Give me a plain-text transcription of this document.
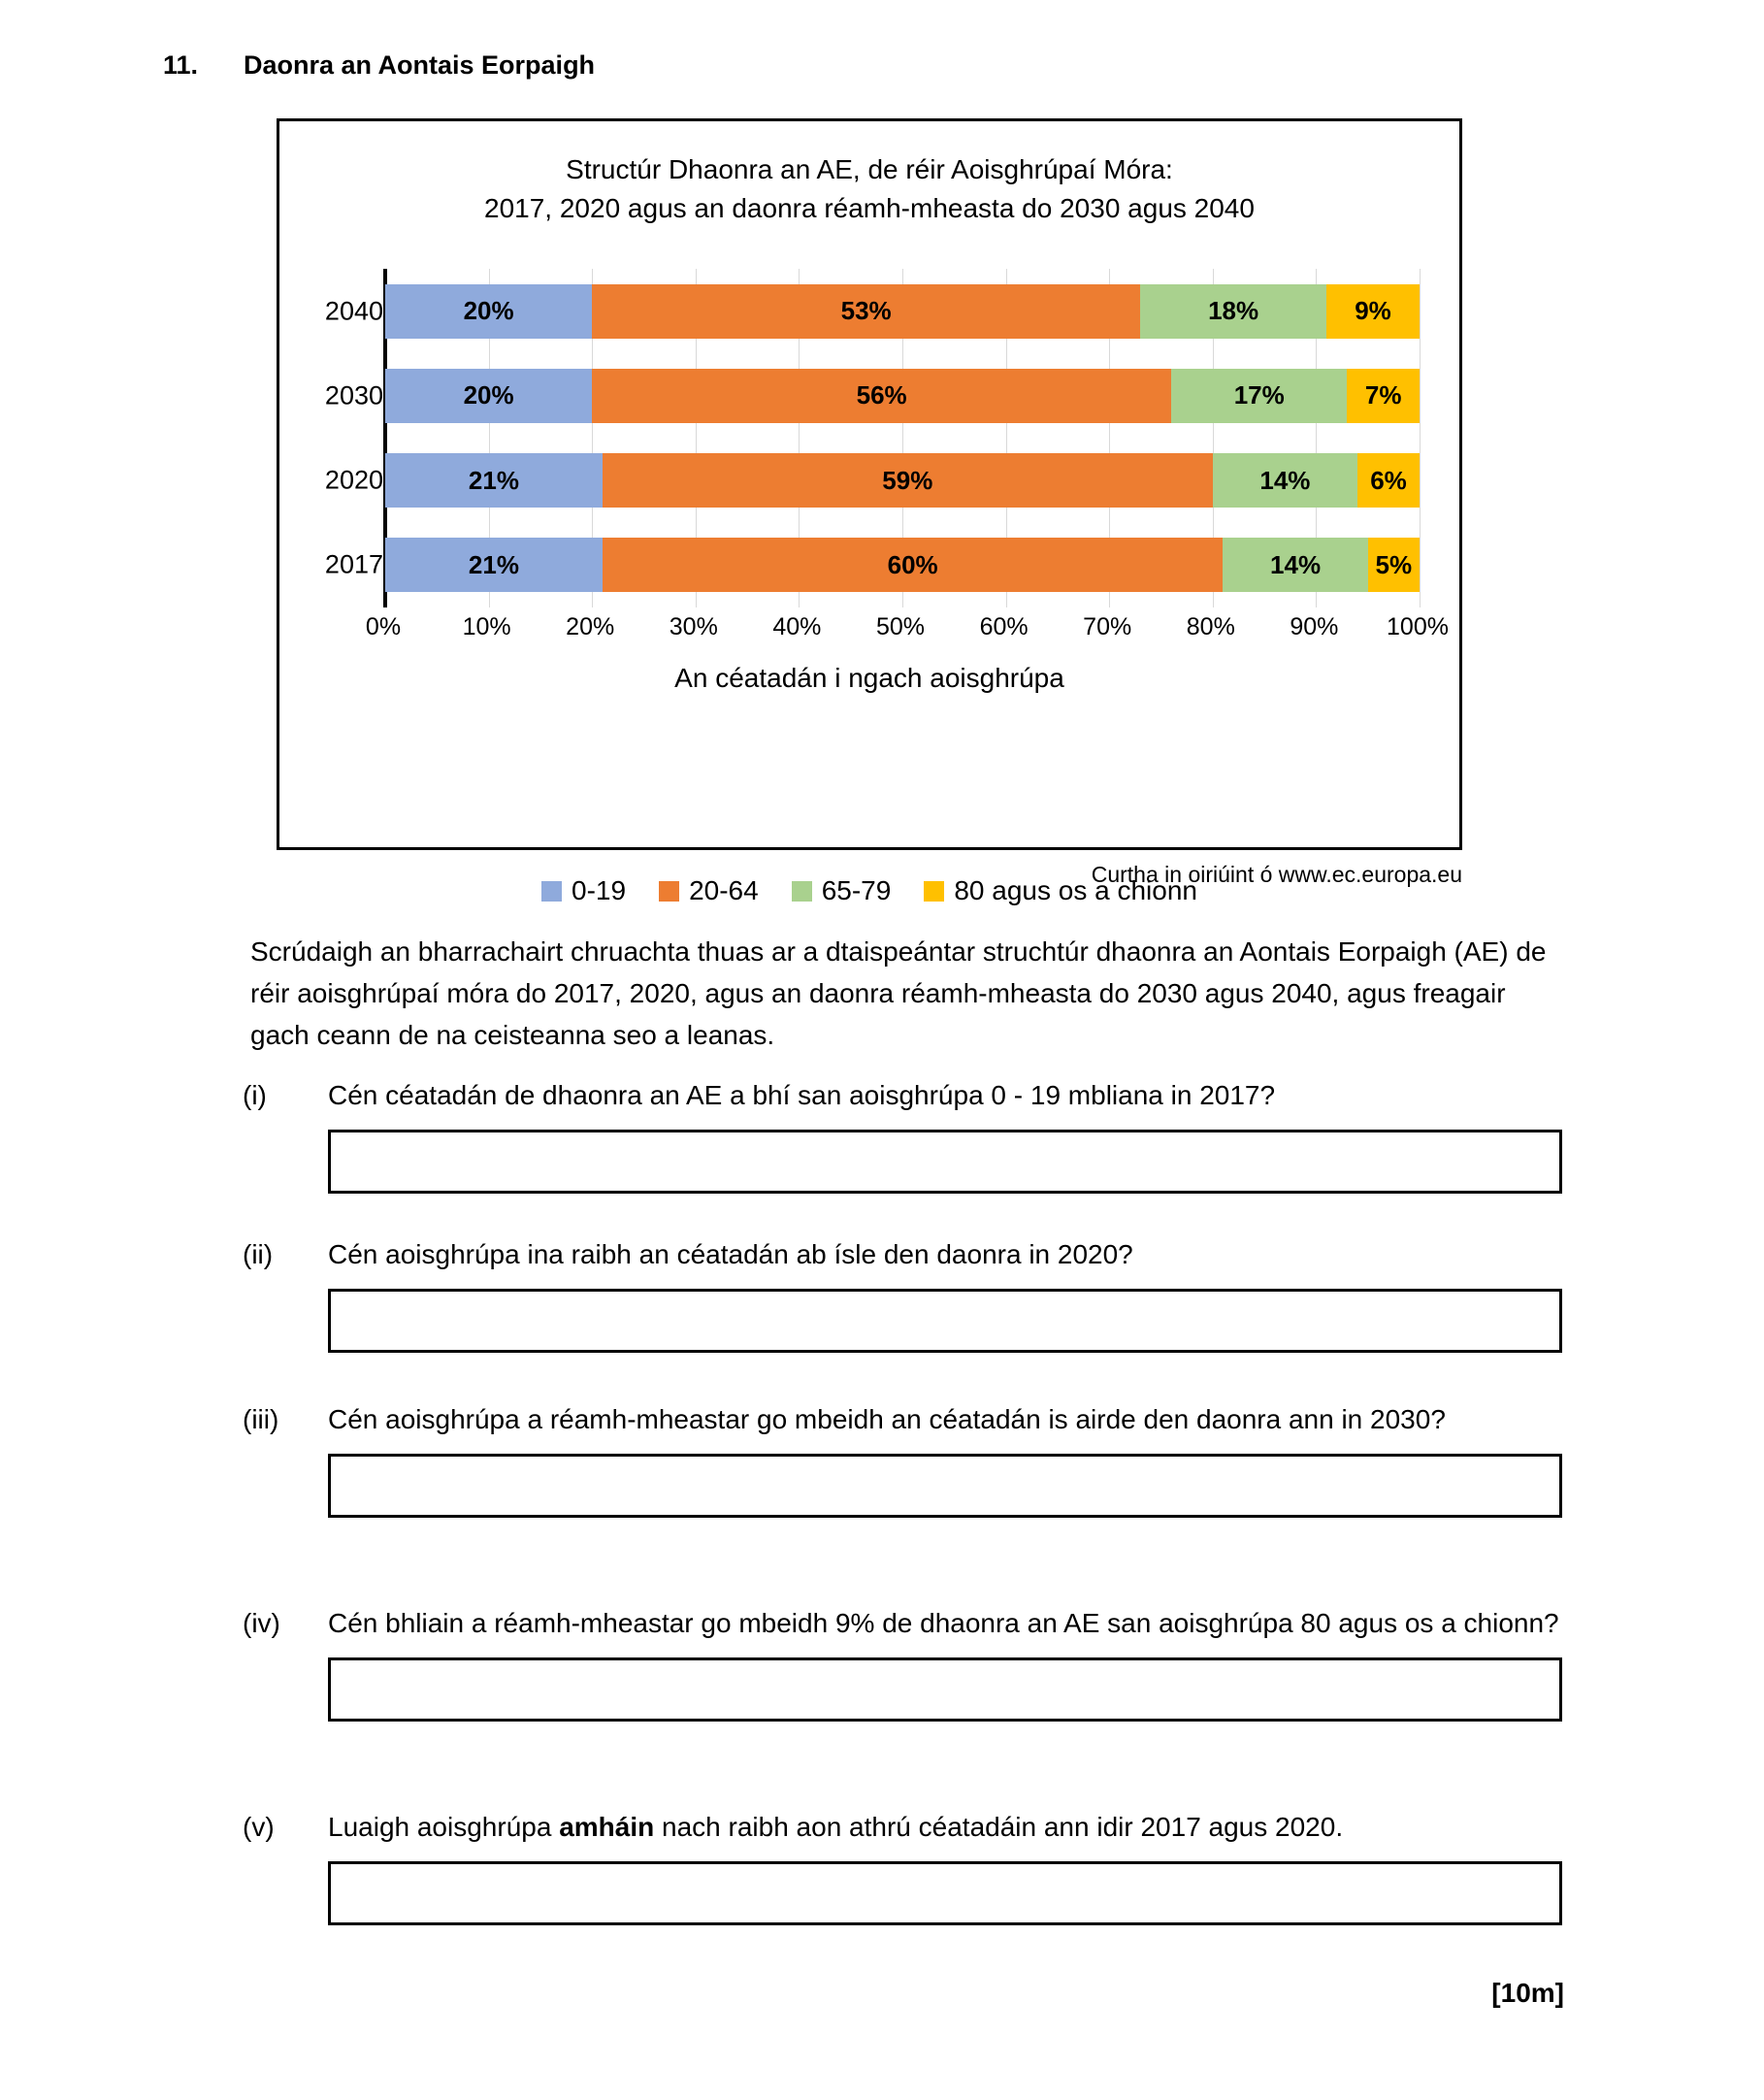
11.	Daonra an Aontais Eorpaigh
Structúr Dhaonra an AE, de réir Aoisghrúpaí Móra:
2017, 2020 agus an daonra réamh-mheasta do 2030 agus 2040
2040
2030
2020
2017
20%	53%	18%	9%
20%	56%	17%	7%
21%	59%	14%	6%
21%	60%	14%	5%
0%	10% 20% 30% 40% 50% 60% 70% 80% 90% 100%
An céatadán i ngach aoisghrúpa
0-19 20-64 65-79 80 agus os a chionn
Curtha in oiriúint ó www.ec.europa.eu
Scrúdaigh an bharrachairt chruachta thuas ar a dtaispeántar struchtúr dhaonra an Aontais Eorpaigh (AE) de réir aoisghrúpaí móra do 2017, 2020, agus an daonra réamh-mheasta do 2030 agus 2040, agus freagair gach ceann de na ceisteanna seo a leanas.
(i)	Cén céatadán de dhaonra an AE a bhí san aoisghrúpa 0 - 19 mbliana in 2017?
(ii)	Cén aoisghrúpa ina raibh an céatadán ab ísle den daonra in 2020?
(iii)	Cén aoisghrúpa a réamh-mheastar go mbeidh an céatadán is airde den daonra ann in 2030?
(iv)	Cén bhliain a réamh-mheastar go mbeidh 9% de dhaonra an AE san aoisghrúpa 80 agus os a chionn?
(v)	Luaigh aoisghrúpa amháin nach raibh aon athrú céatadáin ann idir 2017 agus 2020.
[10m]
